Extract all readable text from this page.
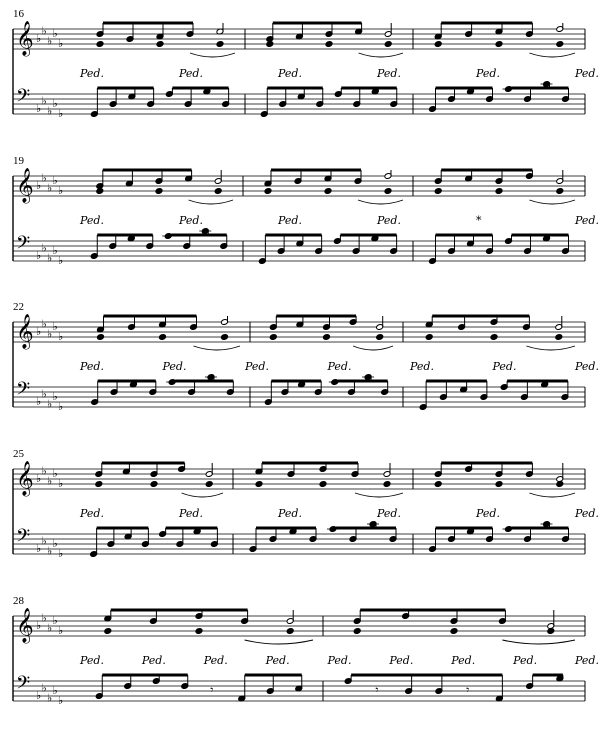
16
𝄞
𝄢
♭
♭
♭
♭
♭
♭
♭
♭
♭
♭
Ped.	Ped.	Ped.	Ped.	Ped.	Ped.
19
𝄞
𝄢
♭
♭
♭
♭
♭
♭
♭
♭
♭
♭
Ped.	Ped.	Ped.	Ped.	*	Ped.
22
𝄞
𝄢
♭
♭
♭
♭
♭
♭
♭
♭
♭
♭
Ped.	Ped.	Ped.	Ped.	Ped.	Ped.	Ped.
25
𝄞
𝄢
♭
♭
♭
♭
♭
♭
♭
♭
♭
♭
Ped.	Ped.	Ped.	Ped.	Ped.	Ped.
28
𝄞
𝄢
♭
♭
♭
♭
♭
♭
♭
♭
♭
♭
𝄾	𝄾	𝄾
Ped.	Ped.	Ped.	Ped.	Ped.	Ped.	Ped.	Ped.	Ped.
